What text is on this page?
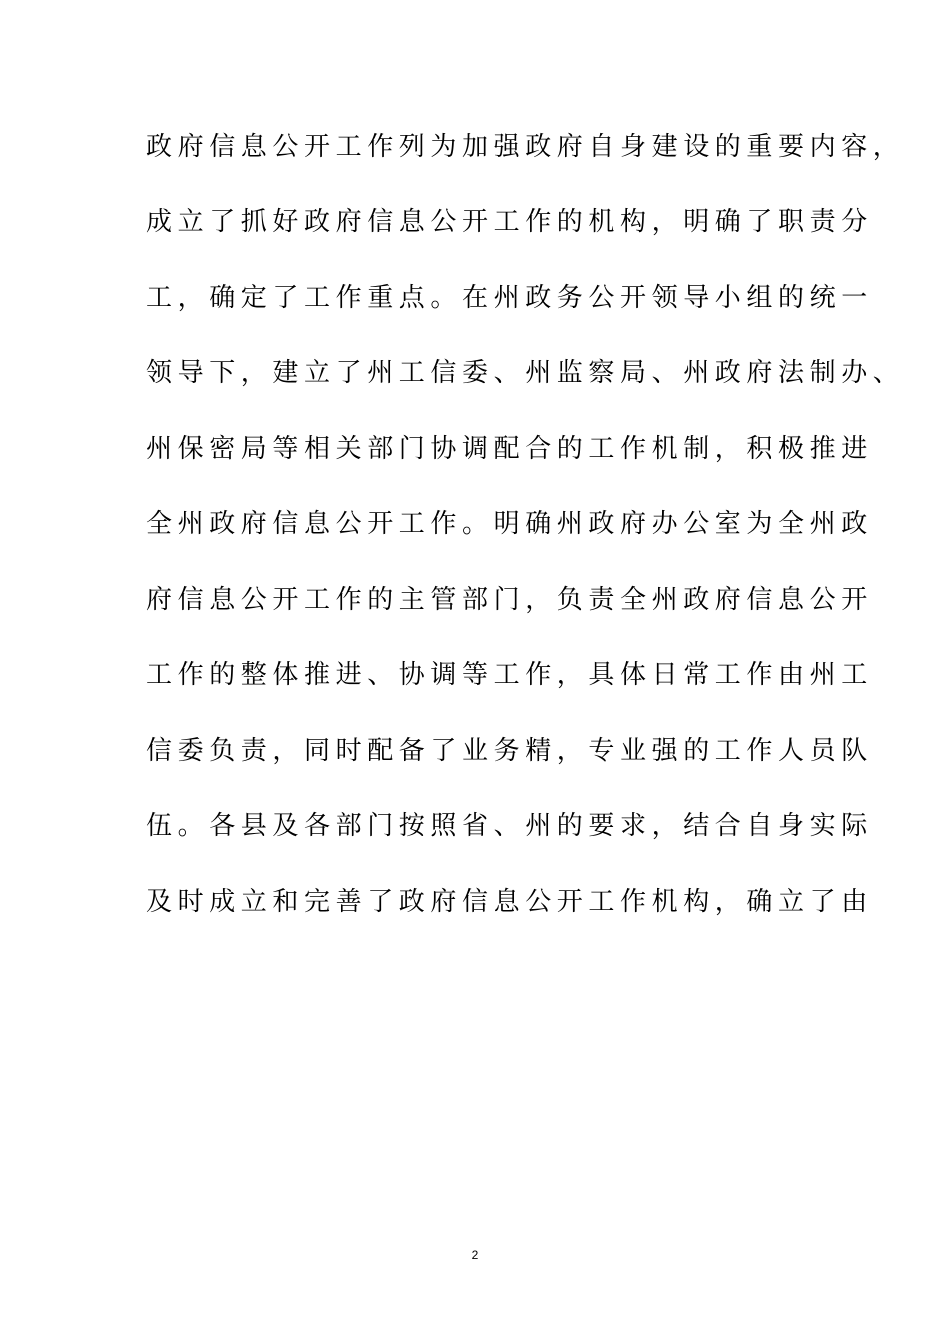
政府信息公开工作列为加强政府自身建设的重要内容，
成立了抓好政府信息公开工作的机构，明确了职责分
工，确定了工作重点。在州政务公开领导小组的统一
领导下，建立了州工信委、州监察局、州政府法制办、
州保密局等相关部门协调配合的工作机制，积极推进
全州政府信息公开工作。明确州政府办公室为全州政
府信息公开工作的主管部门，负责全州政府信息公开
工作的整体推进、协调等工作，具体日常工作由州工
信委负责，同时配备了业务精，专业强的工作人员队
伍。各县及各部门按照省、州的要求，结合自身实际
及时成立和完善了政府信息公开工作机构，确立了由
2
